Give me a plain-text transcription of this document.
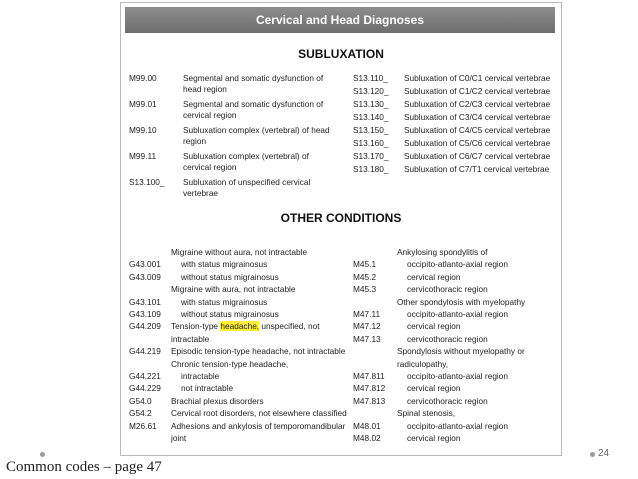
Cervical and Head Diagnoses
SUBLUXATION
OTHER CONDITIONS
M99.00	Segmental and somatic dysfunction of
head region
M99.01	Segmental and somatic dysfunction of
cervical region
M99.10	Subluxation complex (vertebral) of head
region
M99.11	Subluxation complex (vertebral) of
cervical region
S13.100_ Subluxation of unspecified cervical
vertebrae
S13.110_ Subluxation of C0/C1 cervical vertebrae
S13.120_ Subluxation of C1/C2 cervical vertebrae
S13.130_ Subluxation of C2/C3 cervical vertebrae
S13.140_ Subluxation of C3/C4 cervical vertebrae
S13.150_ Subluxation of C4/C5 cervical vertebrae
S13.160_ Subluxation of C5/C6 cervical vertebrae
S13.170_ Subluxation of C6/C7 cervical vertebrae
S13.180_ Subluxation of C7/T1 cervical vertebrae
Migraine without aura, not intractable
G43.001	with status migrainosus
G43.009	without status migrainosus
Migraine with aura, not intractable
G43.101	with status migrainosus
G43.109	without status migrainosus
G44.209 Tension-type headache, unspecified, not
intractable
G44.219 Episodic tension-type headache, not intractable
Chronic tension-type headache,
G44.221	intractable
G44.229	not intractable
G54.0 Brachial plexus disorders
G54.2 Cervical root disorders, not elsewhere classified
M26.61 Adhesions and ankylosis of temporomandibular
joint
Ankylosing spondylitis of
M45.1	occipito-atlanto-axial region
M45.2	cervical region
M45.3	cervicothoracic region
Other spondylosis with myelopathy
M47.11	occipito-atlanto-axial region
M47.12	cervical region
M47.13	cervicothoracic region
Spondylosis without myelopathy or
radiculopathy,
M47.811	occipito-atlanto-axial region
M47.812	cervical region
M47.813	cervicothoracic region
Spinal stenosis,
M48.01	occipito-atlanto-axial region
M48.02	cervical region
Common codes – page 47
24
